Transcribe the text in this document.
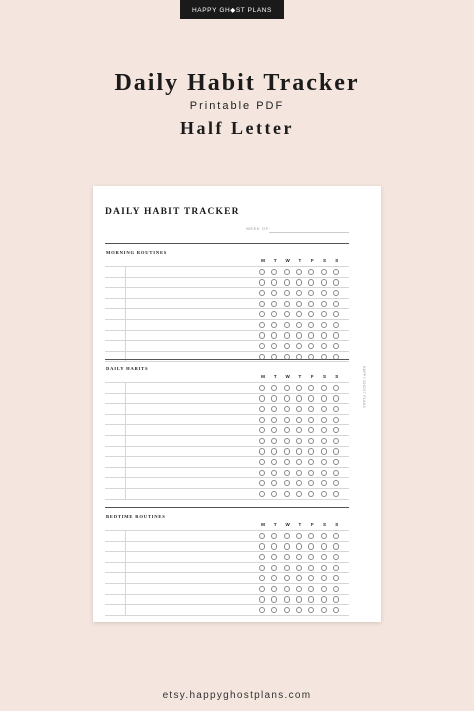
HAPPY GH◆ST PLANS
Daily Habit Tracker
Printable PDF
Half Letter
DAILY HABIT TRACKER
WEEK OF:
HAPPY GHOST PLANS
MORNING ROUTINES
M	T	W	T	F	S	S
DAILY HABITS
M	T	W	T	F	S	S
BEDTIME ROUTINES
M	T	W	T	F	S	S
etsy.happyghostplans.com
